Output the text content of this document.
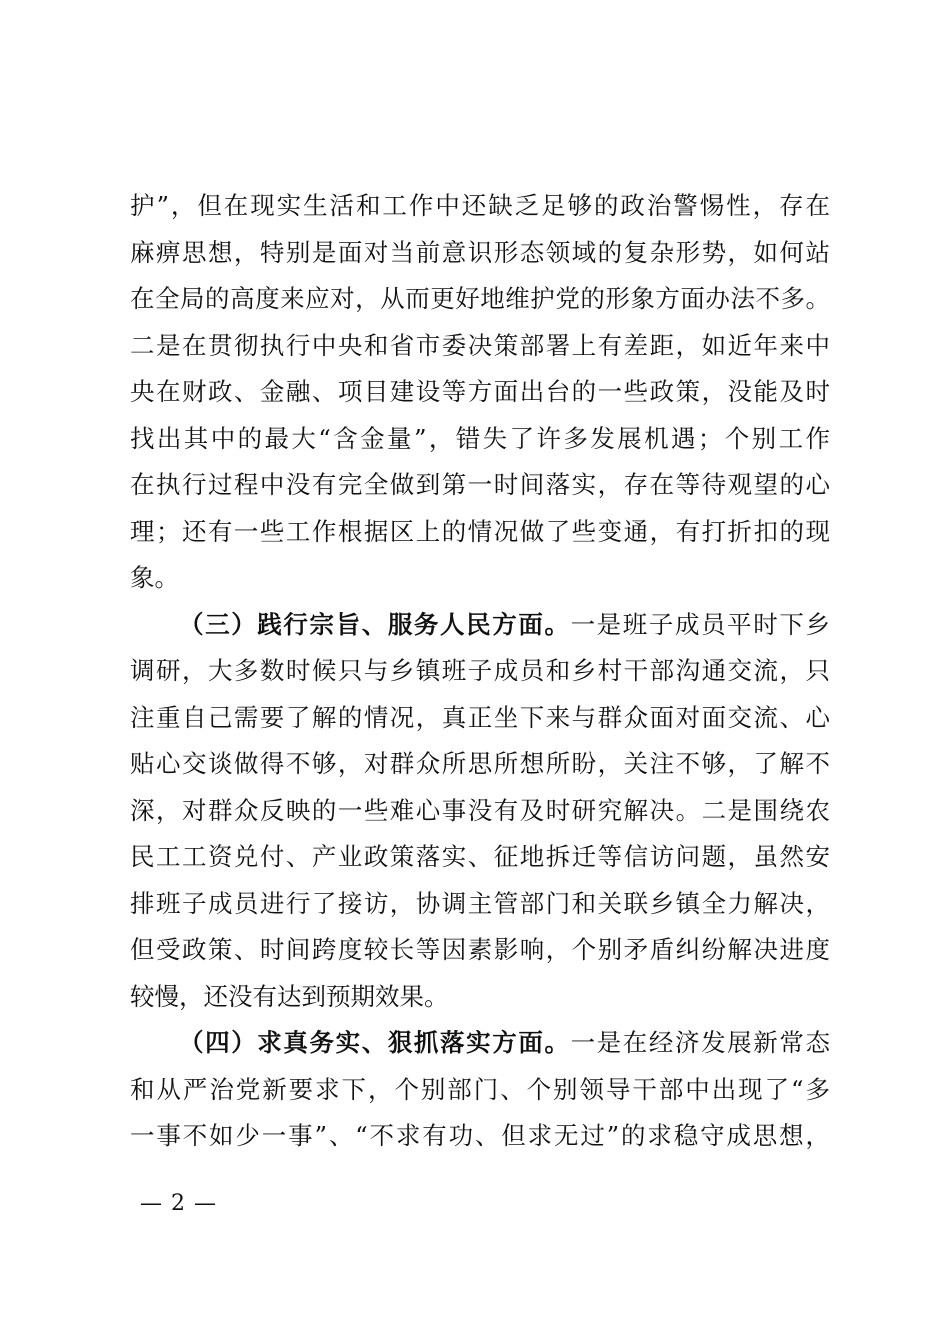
护”，但在现实生活和工作中还缺乏足够的政治警惕性，存在
麻痹思想，特别是面对当前意识形态领域的复杂形势，如何站
在全局的高度来应对，从而更好地维护党的形象方面办法不多。
二是在贯彻执行中央和省市委决策部署上有差距，如近年来中
央在财政、金融、项目建设等方面出台的一些政策，没能及时
找出其中的最大“含金量”，错失了许多发展机遇；个别工作
在执行过程中没有完全做到第一时间落实，存在等待观望的心
理；还有一些工作根据区上的情况做了些变通，有打折扣的现
象。
（三）践行宗旨、服务人民方面。一是班子成员平时下乡
调研，大多数时候只与乡镇班子成员和乡村干部沟通交流，只
注重自己需要了解的情况，真正坐下来与群众面对面交流、心
贴心交谈做得不够，对群众所思所想所盼，关注不够，了解不
深，对群众反映的一些难心事没有及时研究解决。二是围绕农
民工工资兑付、产业政策落实、征地拆迁等信访问题，虽然安
排班子成员进行了接访，协调主管部门和关联乡镇全力解决，
但受政策、时间跨度较长等因素影响，个别矛盾纠纷解决进度
较慢，还没有达到预期效果。
（四）求真务实、狠抓落实方面。一是在经济发展新常态
和从严治党新要求下，个别部门、个别领导干部中出现了“多
一事不如少一事”、“不求有功、但求无过”的求稳守成思想，
— 2 —
